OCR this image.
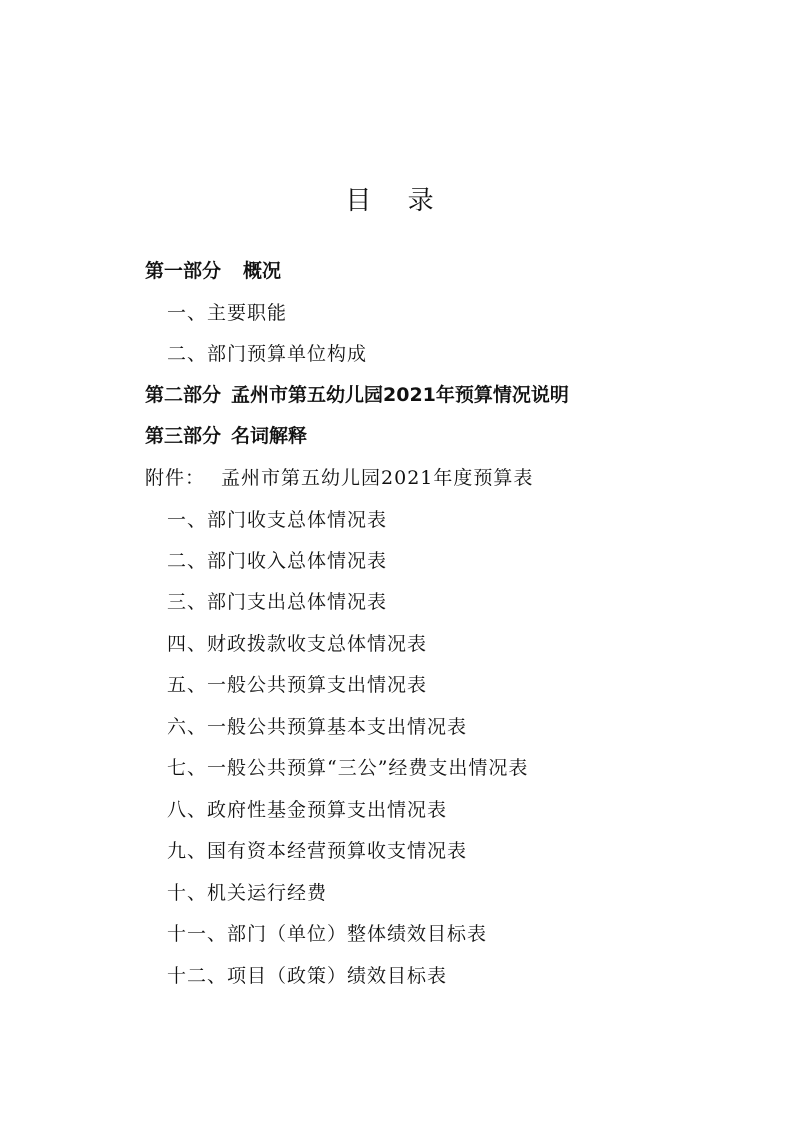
目 录
第一部分 概况
一、主要职能
二、部门预算单位构成
第二部分 孟州市第五幼儿园2021年预算情况说明
第三部分 名词解释
附件： 孟州市第五幼儿园2021年度预算表
一、部门收支总体情况表
二、部门收入总体情况表
三、部门支出总体情况表
四、财政拨款收支总体情况表
五、一般公共预算支出情况表
六、一般公共预算基本支出情况表
七、一般公共预算“三公”经费支出情况表
八、政府性基金预算支出情况表
九、国有资本经营预算收支情况表
十、机关运行经费
十一、部门（单位）整体绩效目标表
十二、项目（政策）绩效目标表
